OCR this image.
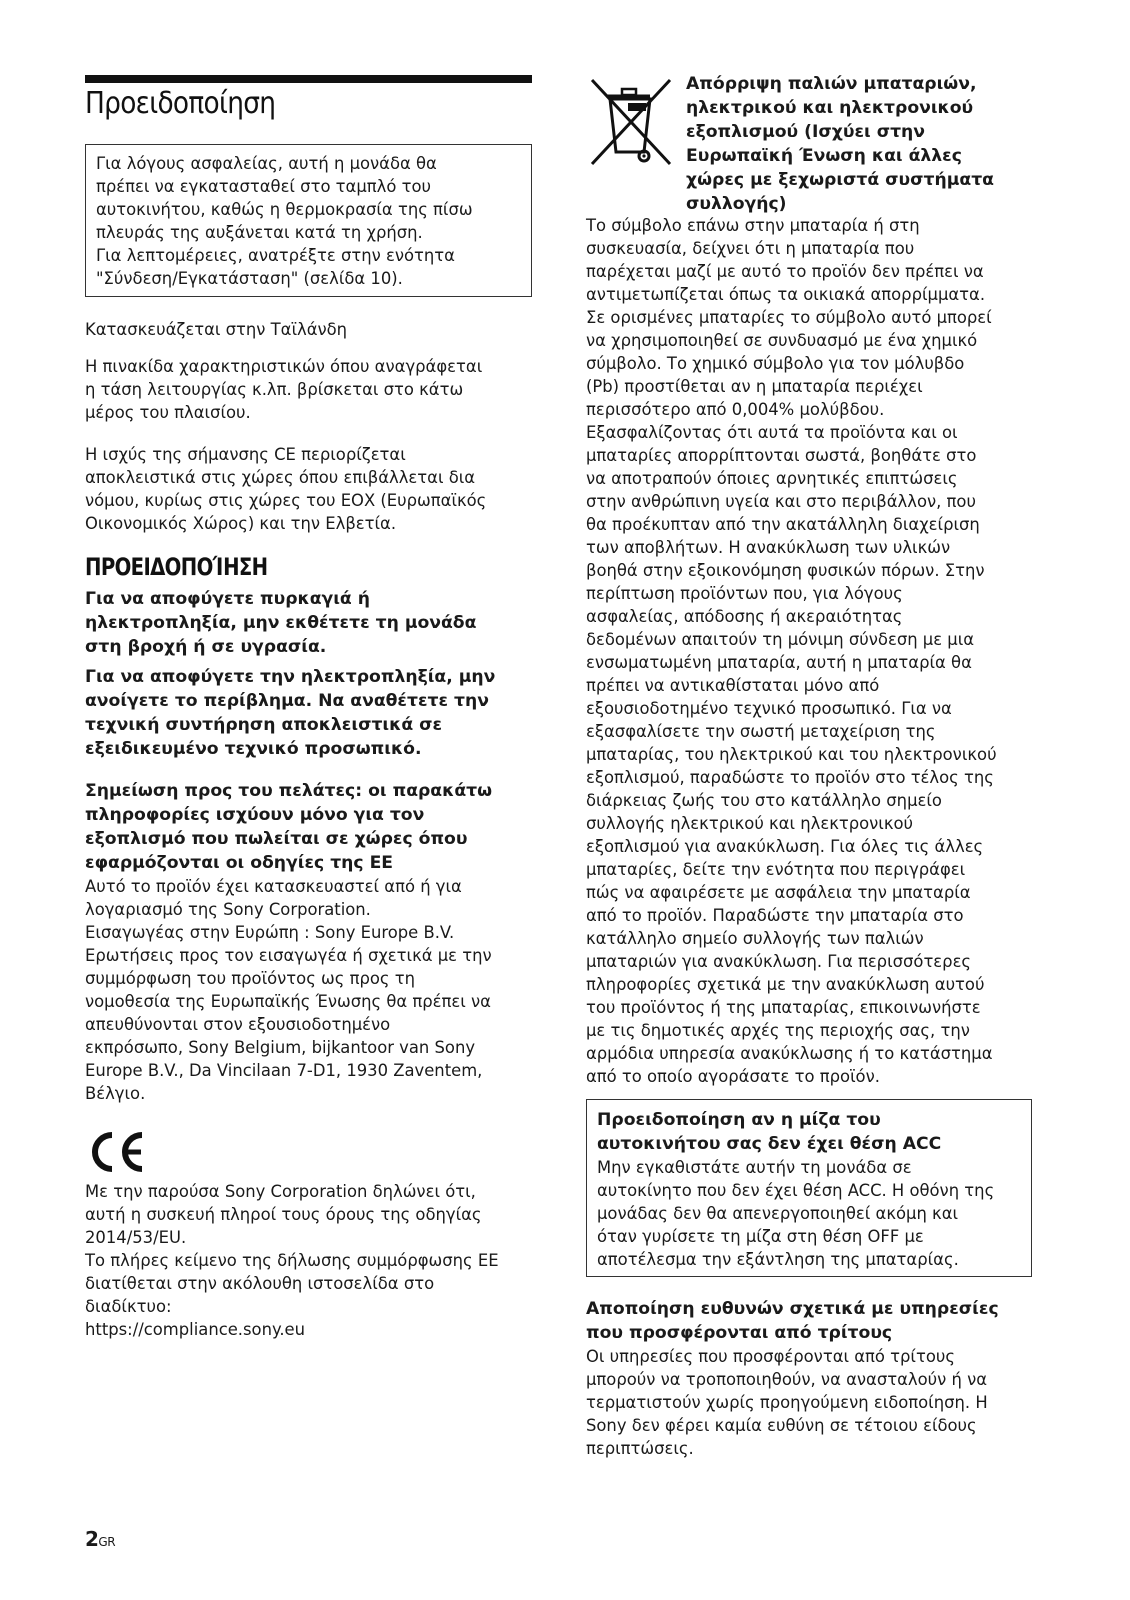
Προειδοποίηση
Για λόγους ασφαλείας, αυτή η μονάδα θα
πρέπει να εγκατασταθεί στο ταμπλό του
αυτοκινήτου, καθώς η θερμοκρασία της πίσω
πλευράς της αυξάνεται κατά τη χρήση.
Για λεπτομέρειες, ανατρέξτε στην ενότητα
"Σύνδεση/Εγκατάσταση" (σελίδα 10).
Κατασκευάζεται στην Ταϊλάνδη
Η πινακίδα χαρακτηριστικών όπου αναγράφεται
η τάση λειτουργίας κ.λπ. βρίσκεται στο κάτω
μέρος του πλαισίου.
Η ισχύς της σήμανσης CE περιορίζεται
αποκλειστικά στις χώρες όπου επιβάλλεται δια
νόμου, κυρίως στις χώρες του ΕΟΧ (Ευρωπαϊκός
Οικονομικός Χώρος) και την Ελβετία.
ΠΡΟΕΙΔΟΠΟΊΗΣΗ
Για να αποφύγετε πυρκαγιά ή
ηλεκτροπληξία, μην εκθέτετε τη μονάδα
στη βροχή ή σε υγρασία.
Για να αποφύγετε την ηλεκτροπληξία, μην
ανοίγετε το περίβλημα. Να αναθέτετε την
τεχνική συντήρηση αποκλειστικά σε
εξειδικευμένο τεχνικό προσωπικό.
Σημείωση προς του πελάτες: οι παρακάτω
πληροφορίες ισχύουν μόνο για τον
εξοπλισμό που πωλείται σε χώρες όπου
εφαρμόζονται οι οδηγίες της ΕΕ
Αυτό το προϊόν έχει κατασκευαστεί από ή για
λογαριασμό της Sony Corporation.
Εισαγωγέας στην Ευρώπη : Sony Europe B.V.
Ερωτήσεις προς τον εισαγωγέα ή σχετικά με την
συμμόρφωση του προϊόντος ως προς τη
νομοθεσία της Ευρωπαϊκής Ένωσης θα πρέπει να
απευθύνονται στον εξουσιοδοτημένο
εκπρόσωπο, Sony Belgium, bijkantoor van Sony
Europe B.V., Da Vincilaan 7-D1, 1930 Zaventem,
Βέλγιο.
Με την παρούσα Sony Corporation δηλώνει ότι,
αυτή η συσκευή πληροί τους όρους της οδηγίας
2014/53/EU.
Το πλήρες κείμενο της δήλωσης συμμόρφωσης ΕΕ
διατίθεται στην ακόλουθη ιστοσελίδα στο
διαδίκτυο:
https://compliance.sony.eu
2GR
Απόρριψη παλιών μπαταριών,
ηλεκτρικού και ηλεκτρονικού
εξοπλισμού (Ισχύει στην
Ευρωπαϊκή Ένωση και άλλες
χώρες με ξεχωριστά συστήματα
συλλογής)
Το σύμβολο επάνω στην μπαταρία ή στη
συσκευασία, δείχνει ότι η μπαταρία που
παρέχεται μαζί με αυτό το προϊόν δεν πρέπει να
αντιμετωπίζεται όπως τα οικιακά απορρίμματα.
Σε ορισμένες μπαταρίες το σύμβολο αυτό μπορεί
να χρησιμοποιηθεί σε συνδυασμό με ένα χημικό
σύμβολο. Το χημικό σύμβολο για τον μόλυβδο
(Pb) προστίθεται αν η μπαταρία περιέχει
περισσότερο από 0,004% μολύβδου.
Εξασφαλίζοντας ότι αυτά τα προϊόντα και οι
μπαταρίες απορρίπτονται σωστά, βοηθάτε στο
να αποτραπούν όποιες αρνητικές επιπτώσεις
στην ανθρώπινη υγεία και στο περιβάλλον, που
θα προέκυπταν από την ακατάλληλη διαχείριση
των αποβλήτων. Η ανακύκλωση των υλικών
βοηθά στην εξοικονόμηση φυσικών πόρων. Στην
περίπτωση προϊόντων που, για λόγους
ασφαλείας, απόδοσης ή ακεραιότητας
δεδομένων απαιτούν τη μόνιμη σύνδεση με μια
ενσωματωμένη μπαταρία, αυτή η μπαταρία θα
πρέπει να αντικαθίσταται μόνο από
εξουσιοδοτημένο τεχνικό προσωπικό. Για να
εξασφαλίσετε την σωστή μεταχείριση της
μπαταρίας, του ηλεκτρικού και του ηλεκτρονικού
εξοπλισμού, παραδώστε το προϊόν στο τέλος της
διάρκειας ζωής του στο κατάλληλο σημείο
συλλογής ηλεκτρικού και ηλεκτρονικού
εξοπλισμού για ανακύκλωση. Για όλες τις άλλες
μπαταρίες, δείτε την ενότητα που περιγράφει
πώς να αφαιρέσετε με ασφάλεια την μπαταρία
από το προϊόν. Παραδώστε την μπαταρία στο
κατάλληλο σημείο συλλογής των παλιών
μπαταριών για ανακύκλωση. Για περισσότερες
πληροφορίες σχετικά με την ανακύκλωση αυτού
του προϊόντος ή της μπαταρίας, επικοινωνήστε
με τις δημοτικές αρχές της περιοχής σας, την
αρμόδια υπηρεσία ανακύκλωσης ή το κατάστημα
από το οποίο αγοράσατε το προϊόν.
Προειδοποίηση αν η μίζα του
αυτοκινήτου σας δεν έχει θέση ACC
Μην εγκαθιστάτε αυτήν τη μονάδα σε
αυτοκίνητο που δεν έχει θέση ACC. Η οθόνη της
μονάδας δεν θα απενεργοποιηθεί ακόμη και
όταν γυρίσετε τη μίζα στη θέση OFF με
αποτέλεσμα την εξάντληση της μπαταρίας.
Αποποίηση ευθυνών σχετικά με υπηρεσίες
που προσφέρονται από τρίτους
Οι υπηρεσίες που προσφέρονται από τρίτους
μπορούν να τροποποιηθούν, να ανασταλούν ή να
τερματιστούν χωρίς προηγούμενη ειδοποίηση. Η
Sony δεν φέρει καμία ευθύνη σε τέτοιου είδους
περιπτώσεις.
